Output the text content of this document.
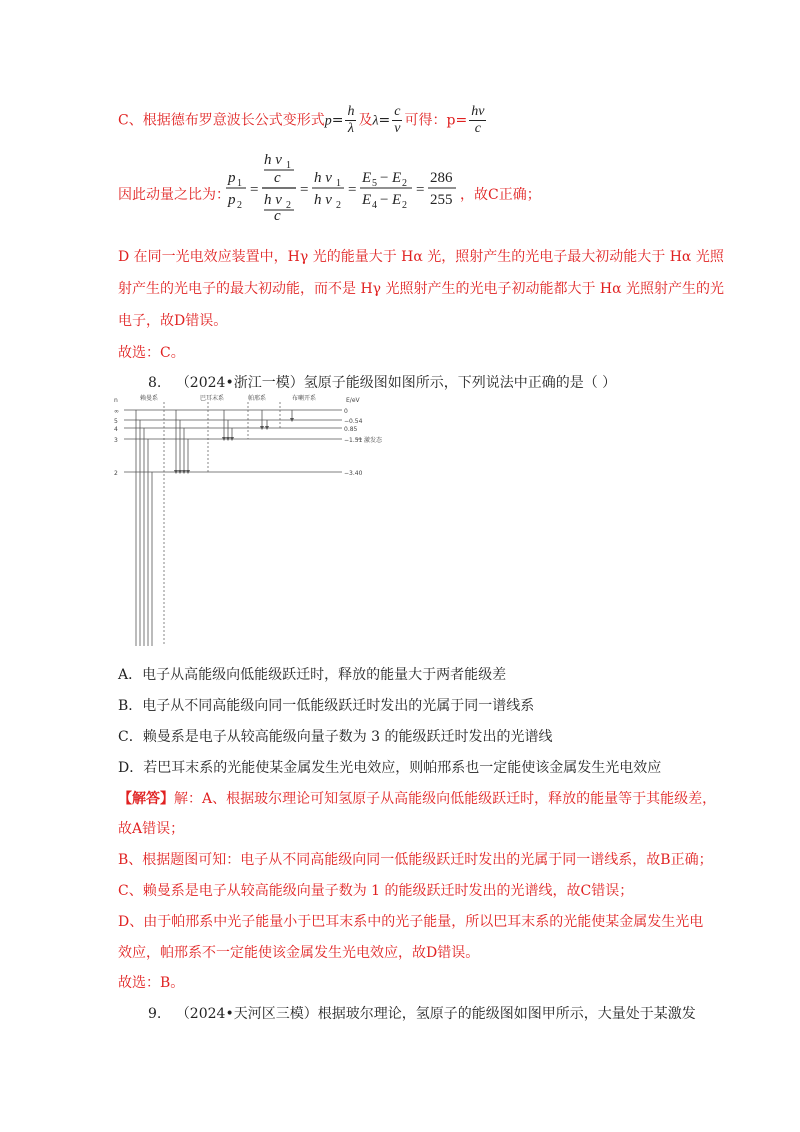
C、根据德布罗意波长公式变形式$p= \frac{h}{\lambda}$ 及$\lambda= \frac{c}{v}$ 可得：$p= \frac{hv}{c}$
因此动量之比为：
p 1
p 2
=
h v 1
c
h v 2
c
=
h v 1
h v 2
=
E 5 − E 2
E 4 − E 2
=
286
255 ，故C正确；
D 在同一光电效应装置中，Hγ 光的能量大于 Hα 光，照射产生的光电子最大初动能大于 Hα 光照
射产生的光电子的最大初动能，而不是 Hγ 光照射产生的光电子初动能都大于 Hα 光照射产生的光
电子，故D错误。
故选：C。
8. （2024•浙江一模）氢原子能级图如图所示，下列说法中正确的是（ ）
n	赖曼系	巴耳末系	帕邢系	布喇开系	E/eV
∞	0
5	−0.54
4	0.85
3	−1.51 激发态
2	−3.40
A．电子从高能级向低能级跃迁时，释放的能量大于两者能级差
B．电子从不同高能级向同一低能级跃迁时发出的光属于同一谱线系
C．赖曼系是电子从较高能级向量子数为 3 的能级跃迁时发出的光谱线
D．若巴耳末系的光能使某金属发生光电效应，则帕邢系也一定能使该金属发生光电效应
【解答】解：A、根据玻尔理论可知氢原子从高能级向低能级跃迁时，释放的能量等于其能级差，
故A错误；
B、根据题图可知：电子从不同高能级向同一低能级跃迁时发出的光属于同一谱线系，故B正确；
C、赖曼系是电子从较高能级向量子数为 1 的能级跃迁时发出的光谱线，故C错误；
D、由于帕邢系中光子能量小于巴耳末系中的光子能量，所以巴耳末系的光能使某金属发生光电
效应，帕邢系不一定能使该金属发生光电效应，故D错误。
故选：B。
9. （2024•天河区三模）根据玻尔理论，氢原子的能级图如图甲所示，大量处于某激发
